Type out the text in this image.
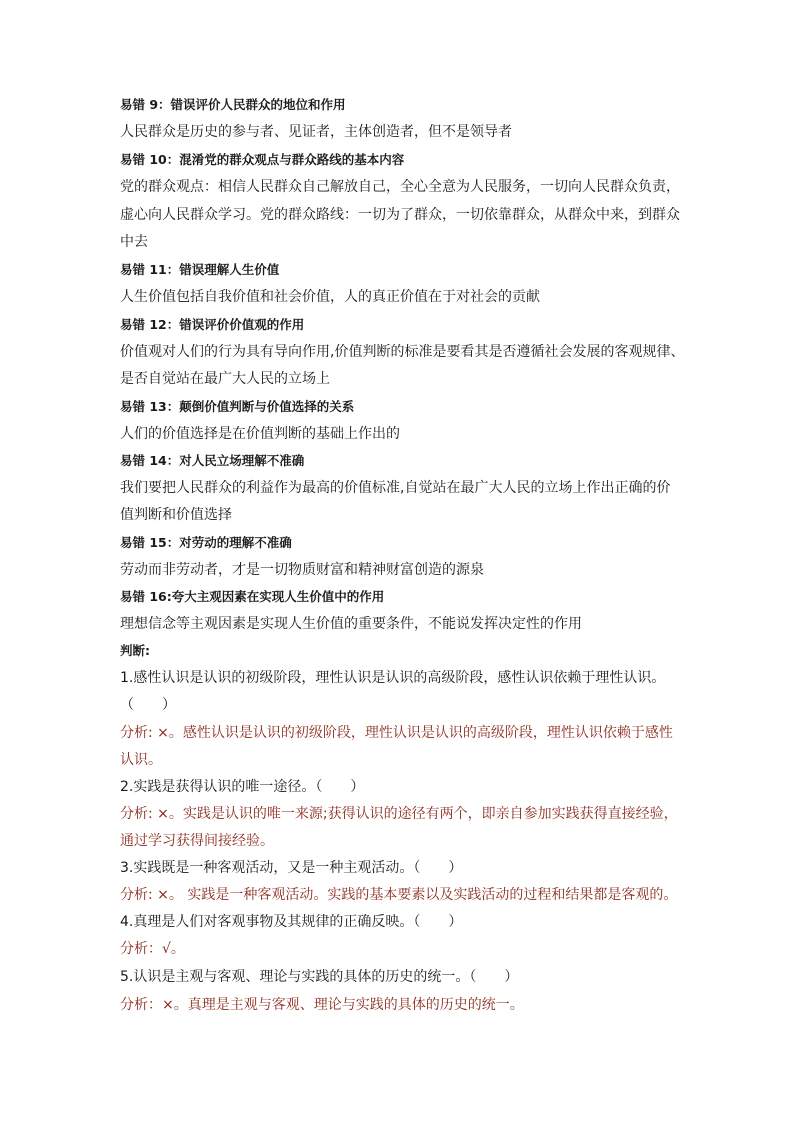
易错 9：错误评价人民群众的地位和作用
人民群众是历史的参与者、见证者，主体创造者，但不是领导者
易错 10：混淆党的群众观点与群众路线的基本内容
党的群众观点：相信人民群众自己解放自己，全心全意为人民服务，一切向人民群众负责，
虚心向人民群众学习。党的群众路线：一切为了群众，一切依靠群众，从群众中来，到群众
中去
易错 11：错误理解人生价值
人生价值包括自我价值和社会价值，人的真正价值在于对社会的贡献
易错 12：错误评价价值观的作用
价值观对人们的行为具有导向作用,价值判断的标准是要看其是否遵循社会发展的客观规律、
是否自觉站在最广大人民的立场上
易错 13：颠倒价值判断与价值选择的关系
人们的价值选择是在价值判断的基础上作出的
易错 14：对人民立场理解不准确
我们要把人民群众的利益作为最高的价值标准,自觉站在最广大人民的立场上作出正确的价
值判断和价值选择
易错 15：对劳动的理解不准确
劳动而非劳动者，才是一切物质财富和精神财富创造的源泉
易错 16:夸大主观因素在实现人生价值中的作用
理想信念等主观因素是实现人生价值的重要条件，不能说发挥决定性的作用
判断:
1.感性认识是认识的初级阶段，理性认识是认识的高级阶段，感性认识依赖于理性认识。
（　　）
分析: ×。感性认识是认识的初级阶段，理性认识是认识的高级阶段，理性认识依赖于感性
认识。
2.实践是获得认识的唯一途径。（　　）
分析: ×。实践是认识的唯一来源;获得认识的途径有两个，即亲自参加实践获得直接经验，
通过学习获得间接经验。
3.实践既是一种客观活动，又是一种主观活动。（　　）
分析: ×。 实践是一种客观活动。实践的基本要素以及实践活动的过程和结果都是客观的。
4.真理是人们对客观事物及其规律的正确反映。（　　）
分析：√。
5.认识是主观与客观、理论与实践的具体的历史的统一。（　　）
分析：×。真理是主观与客观、理论与实践的具体的历史的统一。
